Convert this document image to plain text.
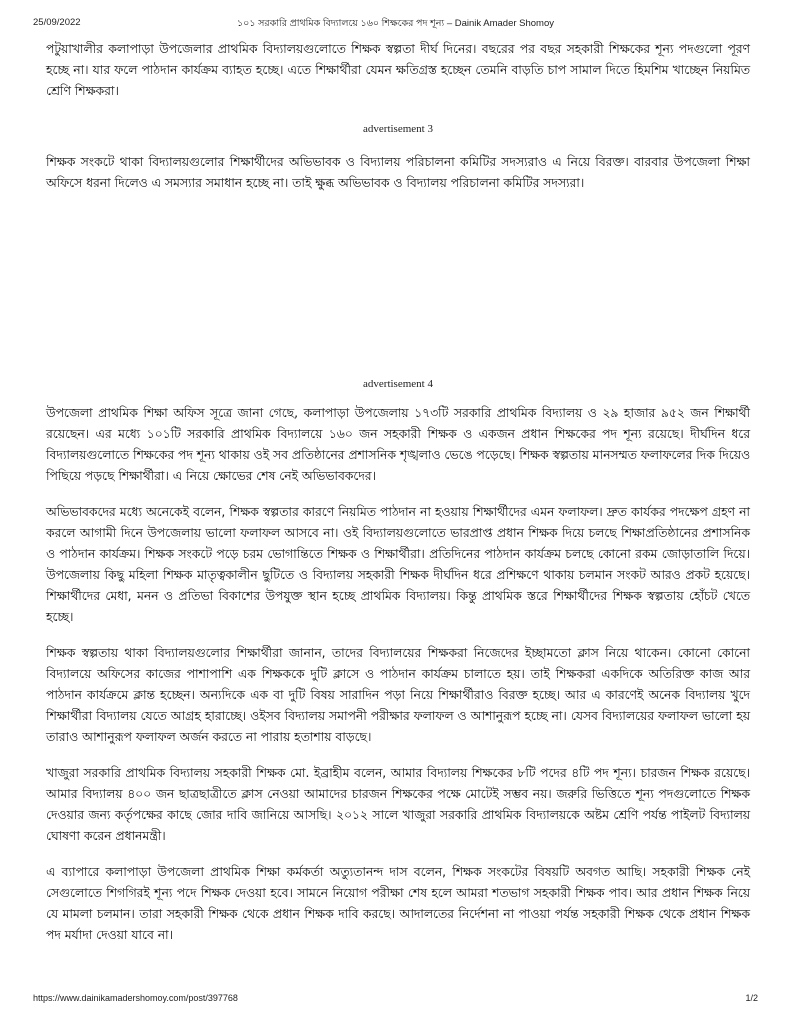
১০১ সরকারি প্রাথমিক বিদ্যালয়ে ১৬০ শিক্ষকের পদ শূন্য – Dainik Amader Shomoy
25/09/2022

পটুয়াখালীর কলাপাড়া উপজেলার প্রাথমিক বিদ্যালয়গুলোতে শিক্ষক স্বল্পতা দীর্ঘ দিনের। বছরের পর বছর সহকারী শিক্ষকের শূন্য পদগুলো পূরণ হচ্ছে না। যার ফলে পাঠদান কার্যক্রম ব্যাহত হচ্ছে। এতে শিক্ষার্থীরা যেমন ক্ষতিগ্রস্ত হচ্ছেন তেমনি বাড়তি চাপ সামাল দিতে হিমশিম খাচ্ছেন নিয়মিত শ্রেণি শিক্ষকরা।

advertisement 3

শিক্ষক সংকটে থাকা বিদ্যালয়গুলোর শিক্ষার্থীদের অভিভাবক ও বিদ্যালয় পরিচালনা কমিটির সদস্যরাও এ নিয়ে বিরক্ত। বারবার উপজেলা শিক্ষা অফিসে ধরনা দিলেও এ সমস্যার সমাধান হচ্ছে না। তাই ক্ষুব্ধ অভিভাবক ও বিদ্যালয় পরিচালনা কমিটির সদস্যরা।

advertisement 4

উপজেলা প্রাথমিক শিক্ষা অফিস সূত্রে জানা গেছে, কলাপাড়া উপজেলায় ১৭৩টি সরকারি প্রাথমিক বিদ্যালয় ও ২৯ হাজার ৯৫২ জন শিক্ষার্থী রয়েছেন। এর মধ্যে ১০১টি সরকারি প্রাথমিক বিদ্যালয়ে ১৬০ জন সহকারী শিক্ষক ও একজন প্রধান শিক্ষকের পদ শূন্য রয়েছে। দীর্ঘদিন ধরে বিদ্যালয়গুলোতে শিক্ষকের পদ শূন্য থাকায় ওই সব প্রতিষ্ঠানের প্রশাসনিক শৃঙ্খলাও ভেঙে পড়েছে। শিক্ষক স্বল্পতায় মানসম্মত ফলাফলের দিক দিয়েও পিছিয়ে পড়ছে শিক্ষার্থীরা। এ নিয়ে ক্ষোভের শেষ নেই অভিভাবকদের।

অভিভাবকদের মধ্যে অনেকেই বলেন, শিক্ষক স্বল্পতার কারণে নিয়মিত পাঠদান না হওয়ায় শিক্ষার্থীদের এমন ফলাফল। দ্রুত কার্যকর পদক্ষেপ গ্রহণ না করলে আগামী দিনে উপজেলায় ভালো ফলাফল আসবে না। ওই বিদ্যালয়গুলোতে ভারপ্রাপ্ত প্রধান শিক্ষক দিয়ে চলছে শিক্ষাপ্রতিষ্ঠানের প্রশাসনিক ও পাঠদান কার্যক্রম। শিক্ষক সংকটে পড়ে চরম ভোগান্তিতে শিক্ষক ও শিক্ষার্থীরা। প্রতিদিনের পাঠদান কার্যক্রম চলছে কোনো রকম জোড়াতালি দিয়ে। উপজেলায় কিছু মহিলা শিক্ষক মাতৃত্বকালীন ছুটিতে ও বিদ্যালয় সহকারী শিক্ষক দীর্ঘদিন ধরে প্রশিক্ষণে থাকায় চলমান সংকট আরও প্রকট হয়েছে। শিক্ষার্থীদের মেধা, মনন ও প্রতিভা বিকাশের উপযুক্ত স্থান হচ্ছে প্রাথমিক বিদ্যালয়। কিন্তু প্রাথমিক স্তরে শিক্ষার্থীদের শিক্ষক স্বল্পতায় হোঁচট খেতে হচ্ছে।

শিক্ষক স্বল্পতায় থাকা বিদ্যালয়গুলোর শিক্ষার্থীরা জানান, তাদের বিদ্যালয়ের শিক্ষকরা নিজেদের ইচ্ছামতো ক্লাস নিয়ে থাকেন। কোনো কোনো বিদ্যালয়ে অফিসের কাজের পাশাপাশি এক শিক্ষককে দুটি ক্লাসে ও পাঠদান কার্যক্রম চালাতে হয়। তাই শিক্ষকরা একদিকে অতিরিক্ত কাজ আর পাঠদান কার্যক্রমে ক্লান্ত হচ্ছেন। অন্যদিকে এক বা দুটি বিষয় সারাদিন পড়া নিয়ে শিক্ষার্থীরাও বিরক্ত হচ্ছে। আর এ কারণেই অনেক বিদ্যালয় খুদে শিক্ষার্থীরা বিদ্যালয় যেতে আগ্রহ হারাচ্ছে। ওইসব বিদ্যালয় সমাপনী পরীক্ষার ফলাফল ও আশানুরূপ হচ্ছে না। যেসব বিদ্যালয়ের ফলাফল ভালো হয় তারাও আশানুরূপ ফলাফল অর্জন করতে না পারায় হতাশায় বাড়ছে।

খাজুরা সরকারি প্রাথমিক বিদ্যালয় সহকারী শিক্ষক মো. ইব্রাহীম বলেন, আমার বিদ্যালয় শিক্ষকের ৮টি পদের ৪টি পদ শূন্য। চারজন শিক্ষক রয়েছে। আমার বিদ্যালয় ৪০০ জন ছাত্রছাত্রীতে ক্লাস নেওয়া আমাদের চারজন শিক্ষকের পক্ষে মোটেই সম্ভব নয়। জরুরি ভিত্তিতে শূন্য পদগুলোতে শিক্ষক দেওয়ার জন্য কর্তৃপক্ষের কাছে জোর দাবি জানিয়ে আসছি। ২০১২ সালে খাজুরা সরকারি প্রাথমিক বিদ্যালয়কে অষ্টম শ্রেণি পর্যন্ত পাইলট বিদ্যালয় ঘোষণা করেন প্রধানমন্ত্রী।

এ ব্যাপারে কলাপাড়া উপজেলা প্রাথমিক শিক্ষা কর্মকর্তা অত্যুতানন্দ দাস বলেন, শিক্ষক সংকটের বিষয়টি অবগত আছি। সহকারী শিক্ষক নেই সেগুলোতে শিগগিরই শূন্য পদে শিক্ষক দেওয়া হবে। সামনে নিয়োগ পরীক্ষা শেষ হলে আমরা শতভাগ সহকারী শিক্ষক পাব। আর প্রধান শিক্ষক নিয়ে যে মামলা চলমান। তারা সহকারী শিক্ষক থেকে প্রধান শিক্ষক দাবি করছে। আদালতের নির্দেশনা না পাওয়া পর্যন্ত সহকারী শিক্ষক থেকে প্রধান শিক্ষক পদ মর্যাদা দেওয়া যাবে না।

https://www.dainikamadershomoy.com/post/397768	1/2
